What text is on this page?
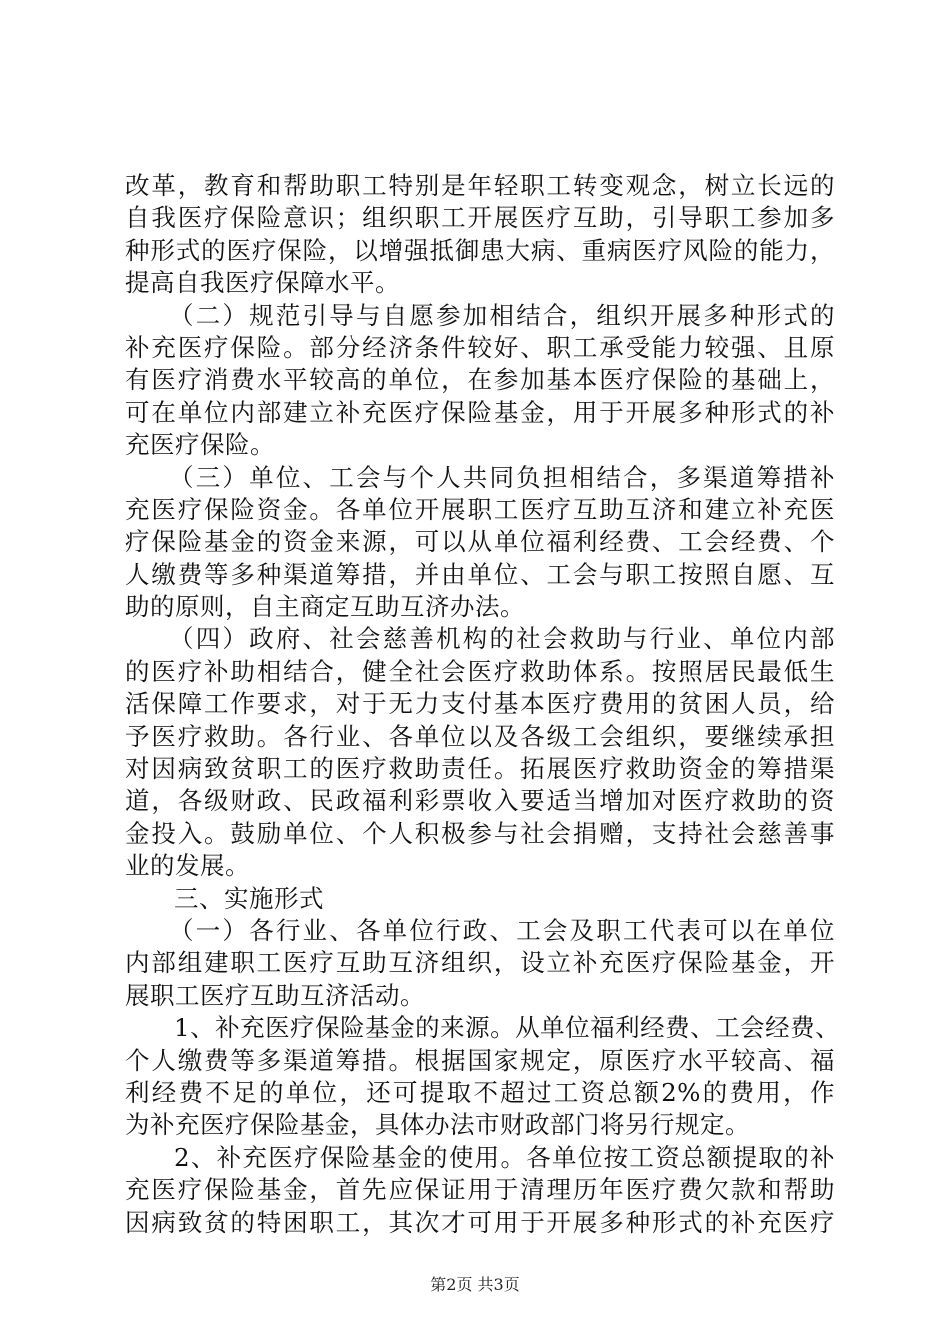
改革，教育和帮助职工特别是年轻职工转变观念，树立长远的
自我医疗保险意识；组织职工开展医疗互助，引导职工参加多
种形式的医疗保险，以增强抵御患大病、重病医疗风险的能力，
提高自我医疗保障水平。
（二）规范引导与自愿参加相结合，组织开展多种形式的
补充医疗保险。部分经济条件较好、职工承受能力较强、且原
有医疗消费水平较高的单位，在参加基本医疗保险的基础上，
可在单位内部建立补充医疗保险基金，用于开展多种形式的补
充医疗保险。
（三）单位、工会与个人共同负担相结合，多渠道筹措补
充医疗保险资金。各单位开展职工医疗互助互济和建立补充医
疗保险基金的资金来源，可以从单位福利经费、工会经费、个
人缴费等多种渠道筹措，并由单位、工会与职工按照自愿、互
助的原则，自主商定互助互济办法。
（四）政府、社会慈善机构的社会救助与行业、单位内部
的医疗补助相结合，健全社会医疗救助体系。按照居民最低生
活保障工作要求，对于无力支付基本医疗费用的贫困人员，给
予医疗救助。各行业、各单位以及各级工会组织，要继续承担
对因病致贫职工的医疗救助责任。拓展医疗救助资金的筹措渠
道，各级财政、民政福利彩票收入要适当增加对医疗救助的资
金投入。鼓励单位、个人积极参与社会捐赠，支持社会慈善事
业的发展。
三、实施形式
（一）各行业、各单位行政、工会及职工代表可以在单位
内部组建职工医疗互助互济组织，设立补充医疗保险基金，开
展职工医疗互助互济活动。
1、补充医疗保险基金的来源。从单位福利经费、工会经费、
个人缴费等多渠道筹措。根据国家规定，原医疗水平较高、福
利经费不足的单位，还可提取不超过工资总额2%的费用，作
为补充医疗保险基金，具体办法市财政部门将另行规定。
2、补充医疗保险基金的使用。各单位按工资总额提取的补
充医疗保险基金，首先应保证用于清理历年医疗费欠款和帮助
因病致贫的特困职工，其次才可用于开展多种形式的补充医疗
第2页 共3页
